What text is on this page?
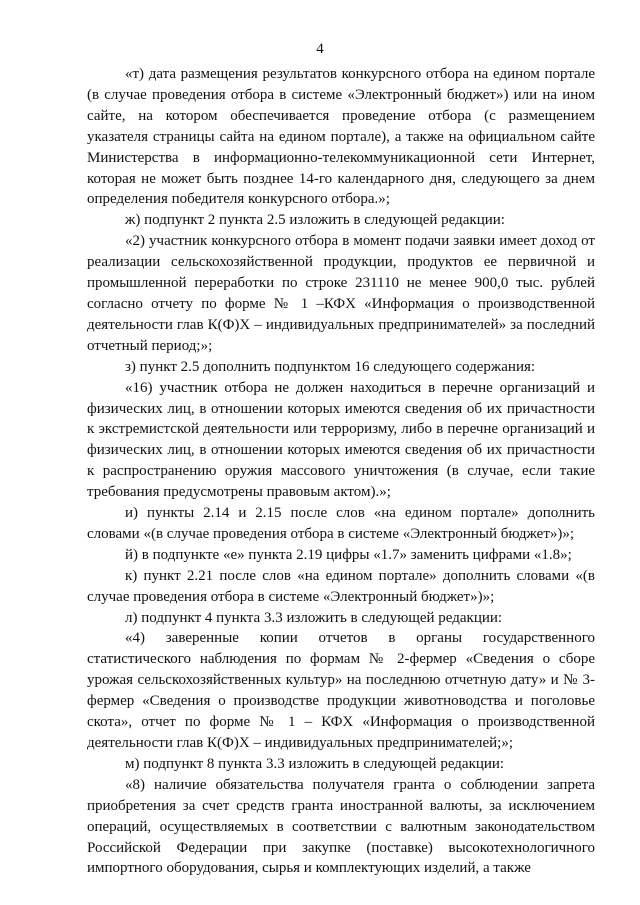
4

«т) дата размещения результатов конкурсного отбора на едином портале (в случае проведения отбора в системе «Электронный бюджет») или на ином сайте, на котором обеспечивается проведение отбора (с размещением указателя страницы сайта на едином портале), а также на официальном сайте Министерства в информационно-телекоммуникационной сети Интернет, которая не может быть позднее 14-го календарного дня, следующего за днем определения победителя конкурсного отбора.»;

ж) подпункт 2 пункта 2.5 изложить в следующей редакции:

«2) участник конкурсного отбора в момент подачи заявки имеет доход от реализации сельскохозяйственной продукции, продуктов ее первичной и промышленной переработки по строке 231110 не менее 900,0 тыс. рублей согласно отчету по форме № 1 –КФХ «Информация о производственной деятельности глав К(Ф)Х – индивидуальных предпринимателей» за последний отчетный период;»;

з) пункт 2.5 дополнить подпунктом 16 следующего содержания:

«16) участник отбора не должен находиться в перечне организаций и физических лиц, в отношении которых имеются сведения об их причастности к экстремистской деятельности или терроризму, либо в перечне организаций и физических лиц, в отношении которых имеются сведения об их причастности к распространению оружия массового уничтожения (в случае, если такие требования предусмотрены правовым актом).»;

и) пункты 2.14 и 2.15 после слов «на едином портале» дополнить словами «(в случае проведения отбора в системе «Электронный бюджет»)»;

й) в подпункте «е» пункта 2.19 цифры «1.7» заменить цифрами «1.8»;

к) пункт 2.21 после слов «на едином портале» дополнить словами «(в случае проведения отбора в системе «Электронный бюджет»)»;

л) подпункт 4 пункта 3.3 изложить в следующей редакции:

«4) заверенные копии отчетов в органы государственного статистического наблюдения по формам № 2-фермер «Сведения о сборе урожая сельскохозяйственных культур» на последнюю отчетную дату» и № 3-фермер «Сведения о производстве продукции животноводства и поголовье скота», отчет по форме № 1 – КФХ «Информация о производственной деятельности глав К(Ф)Х – индивидуальных предпринимателей;»;

м) подпункт 8 пункта 3.3 изложить в следующей редакции:

«8) наличие обязательства получателя гранта о соблюдении запрета приобретения за счет средств гранта иностранной валюты, за исключением операций, осуществляемых в соответствии с валютным законодательством Российской Федерации при закупке (поставке) высокотехнологичного импортного оборудования, сырья и комплектующих изделий, а также
